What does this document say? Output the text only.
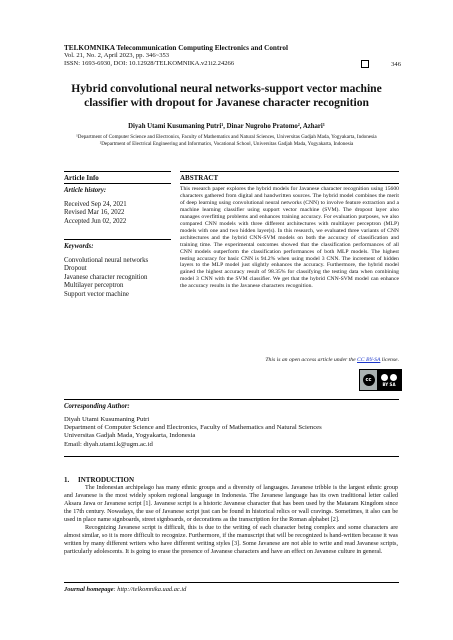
TELKOMNIKA Telecommunication Computing Electronics and Control
Vol. 21, No. 2, April 2023, pp. 346~353
ISSN: 1693-6930, DOI: 10.12928/TELKOMNIKA.v21i2.24266	346
Hybrid convolutional neural networks-support vector machine classifier with dropout for Javanese character recognition
Diyah Utami Kusumaning Putri¹, Dinar Nugroho Pratomo², Azhari¹
¹Department of Computer Science and Electronics, Faculty of Mathematics and Natural Sciences, Universitas Gadjah Mada, Yogyakarta, Indonesia
²Department of Electrical Engineering and Informatics, Vocational School, Universitas Gadjah Mada, Yogyakarta, Indonesia
Article Info
Article history:
Received Sep 24, 2021
Revised Mar 16, 2022
Accepted Jun 02, 2022
Keywords:
Convolutional neural networks
Dropout
Javanese character recognition
Multilayer perceptron
Support vector machine
ABSTRACT
This research paper explores the hybrid models for Javanese character recognition using 15600 characters gathered from digital and handwritten sources. The hybrid model combines the merit of deep learning using convolutional neural networks (CNN) to involve feature extraction and a machine learning classifier using support vector machine (SVM). The dropout layer also manages overfitting problems and enhances training accuracy. For evaluation purposes, we also compared CNN models with three different architectures with multilayer perceptron (MLP) models with one and two hidden layer(s). In this research, we evaluated three variants of CNN architectures and the hybrid CNN-SVM models on both the accuracy of classification and training time. The experimental outcomes showed that the classification performances of all CNN models outperform the classification performances of both MLP models. The highest testing accuracy for basic CNN is 94.2% when using model 3 CNN. The increment of hidden layers to the MLP model just slightly enhances the accuracy. Furthermore, the hybrid model gained the highest accuracy result of 98.35% for classifying the testing data when combining model 3 CNN with the SVM classifier. We get that the hybrid CNN-SVM model can enhance the accuracy results in the Javanese characters recognition.
This is an open access article under the CC BY-SA license.
cc
BY SA
Corresponding Author:
Diyah Utami Kusumaning Putri
Department of Computer Science and Electronics, Faculty of Mathematics and Natural Sciences
Universitas Gadjah Mada, Yogyakarta, Indonesia
Email: diyah.utami.k@ugm.ac.id
1.     INTRODUCTION

The Indonesian archipelago has many ethnic groups and a diversity of languages. Javanese tribble is the largest ethnic group and Javanese is the most widely spoken regional language in Indonesia. The Javanese language has its own traditional letter called Aksara Jawa or Javanese script [1]. Javanese script is a historic Javanese character that has been used by the Mataram Kingdom since the 17th century. Nowadays, the use of Javanese script just can be found in historical relics or wall cravings. Sometimes, it also can be used in place name signboards, street signboards, or decorations as the transcription for the Roman alphabet [2].

Recognizing Javanese script is difficult, this is due to the writing of each character being complex and some characters are almost similar, so it is more difficult to recognize. Furthermore, if the manuscript that will be recognized is hand-written because it was written by many different writers who have different writing styles [3]. Some Javanese are not able to write and read Javanese scripts, particularly adolescents. It is going to erase the presence of Javanese characters and have an effect on Javanese culture in general.

Journal homepage: http://telkomnika.uad.ac.id
